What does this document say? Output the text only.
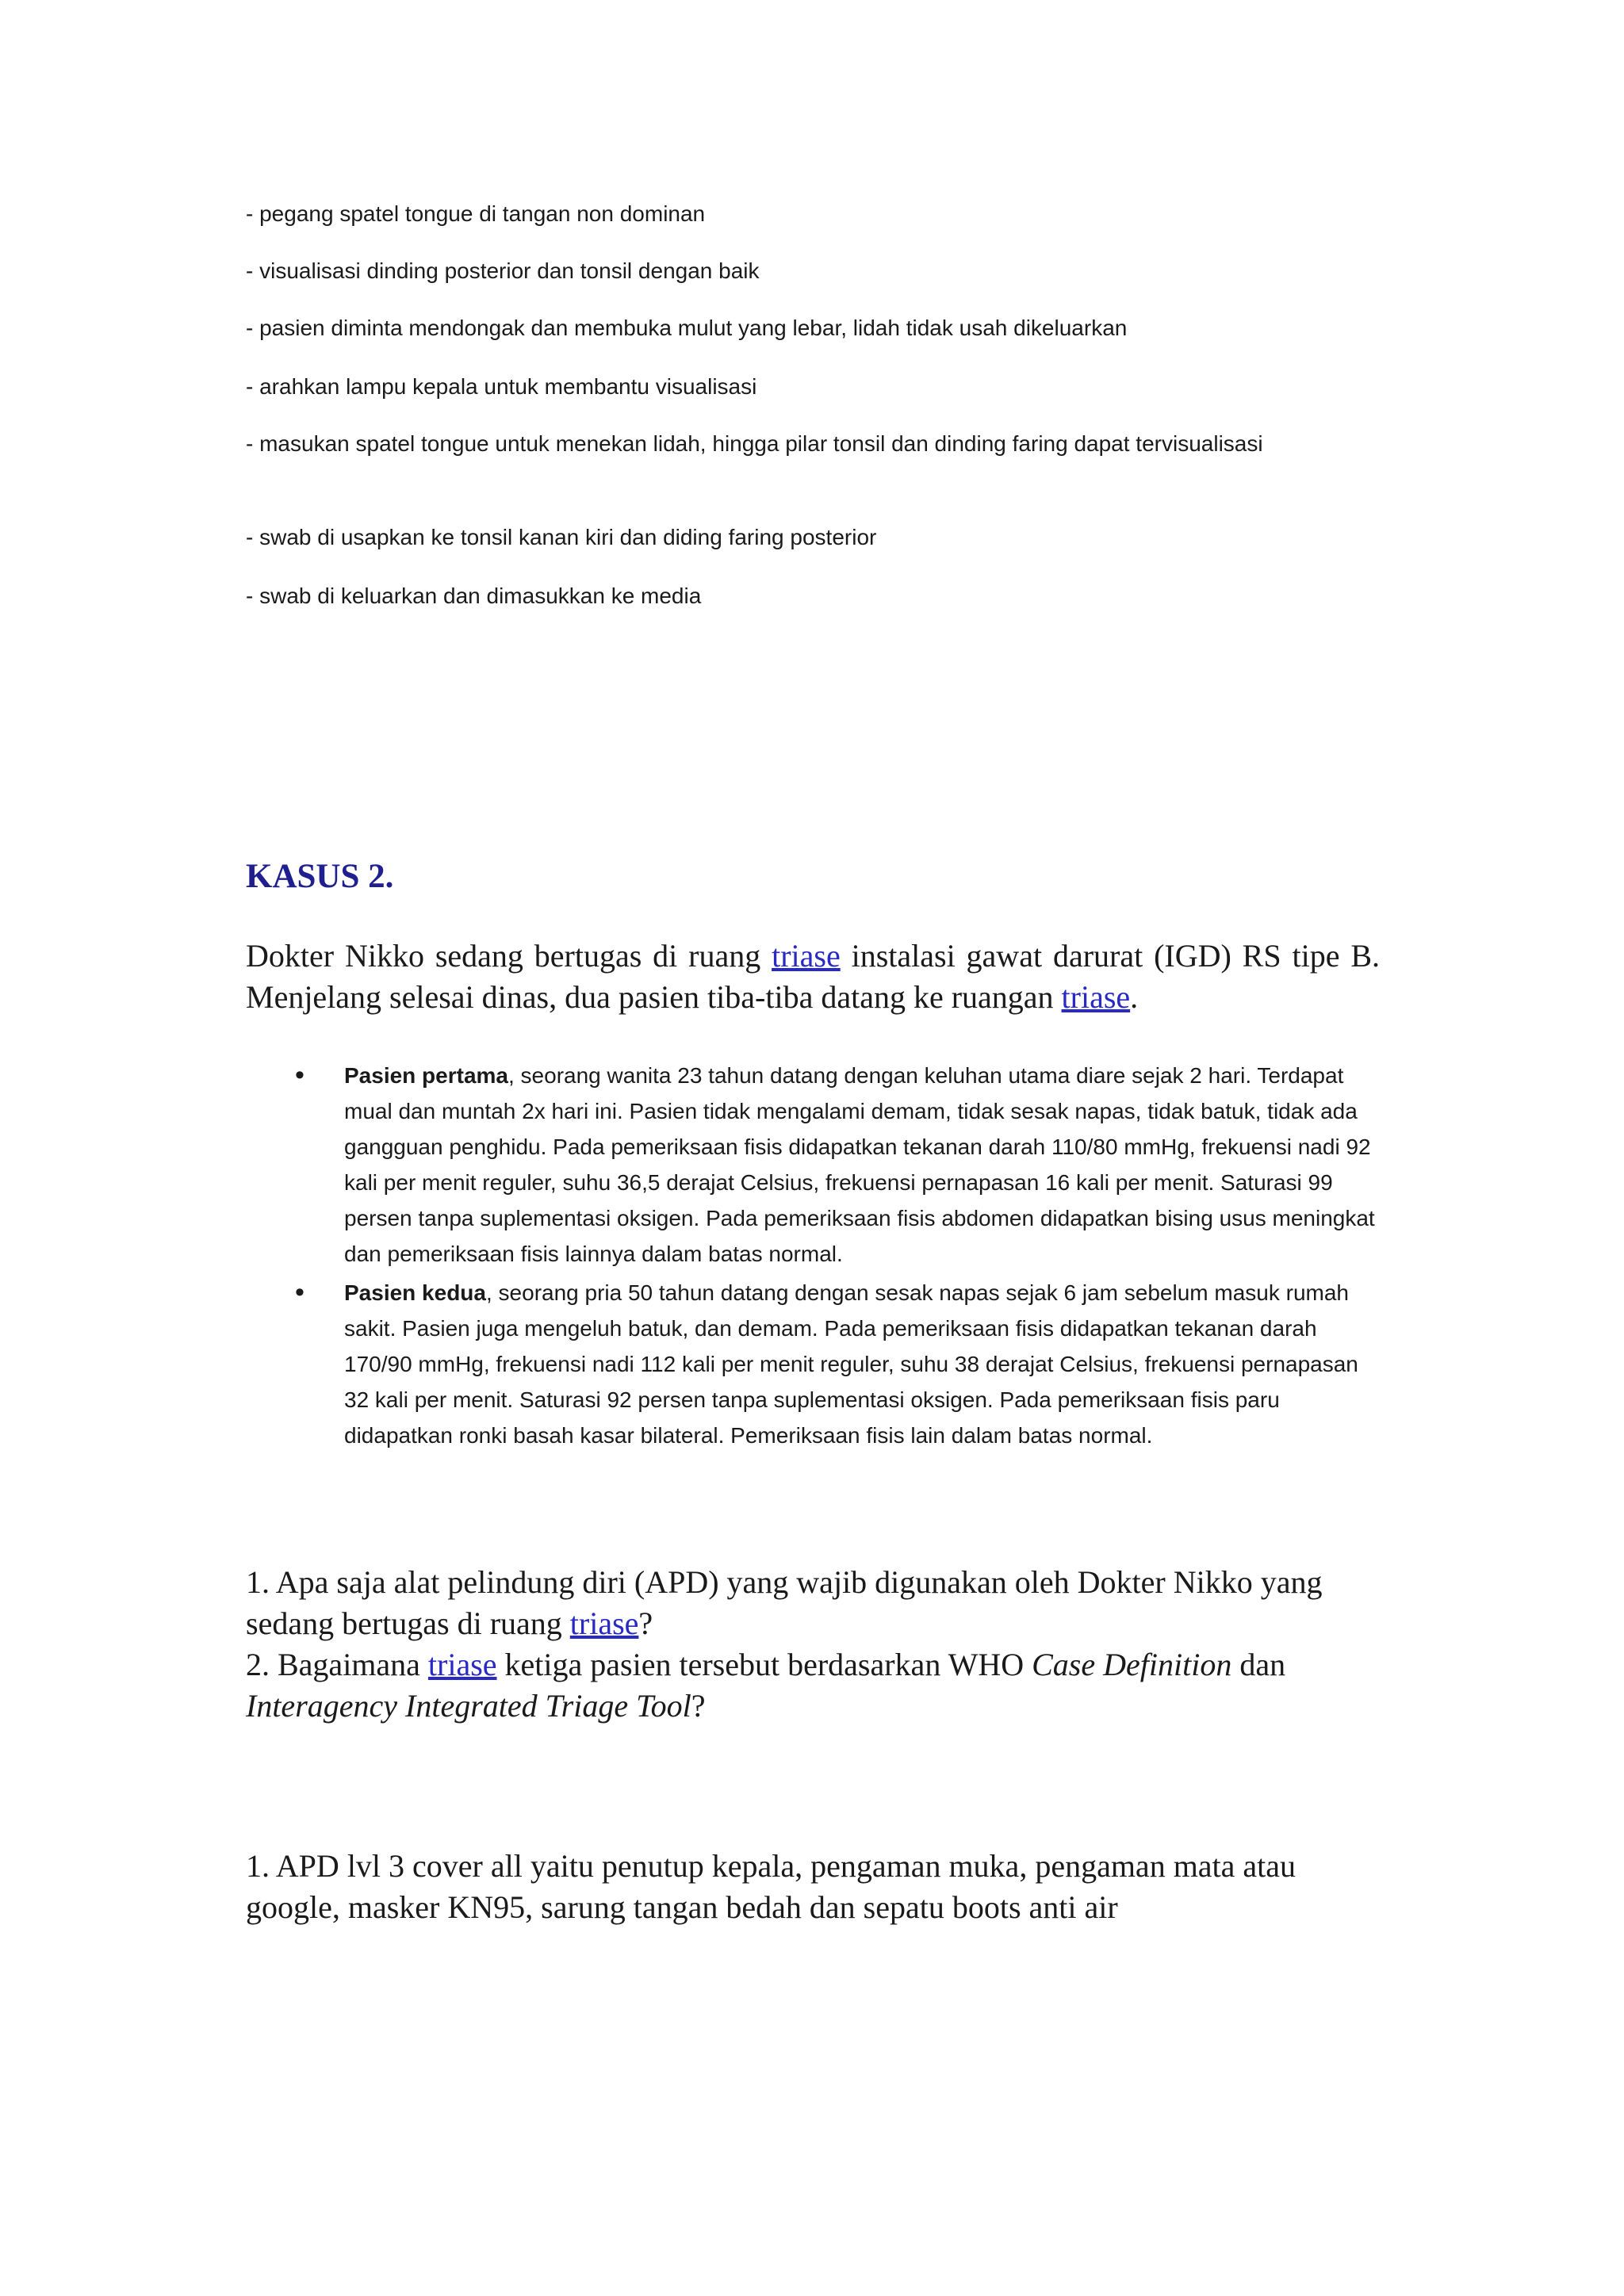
- pegang spatel tongue di tangan non dominan

- visualisasi dinding posterior dan tonsil dengan baik

- pasien diminta mendongak dan membuka mulut yang lebar, lidah tidak usah dikeluarkan

- arahkan lampu kepala untuk membantu visualisasi

- masukan spatel tongue untuk menekan lidah, hingga pilar tonsil dan dinding faring dapat tervisualisasi

- swab di usapkan ke tonsil kanan kiri dan diding faring posterior

- swab di keluarkan dan dimasukkan ke media

KASUS 2.

Dokter Nikko sedang bertugas di ruang triase instalasi gawat darurat (IGD) RS tipe B. Menjelang selesai dinas, dua pasien tiba-tiba datang ke ruangan triase.

• Pasien pertama, seorang wanita 23 tahun datang dengan keluhan utama diare sejak 2 hari. Terdapat mual dan muntah 2x hari ini. Pasien tidak mengalami demam, tidak sesak napas, tidak batuk, tidak ada gangguan penghidu. Pada pemeriksaan fisis didapatkan tekanan darah 110/80 mmHg, frekuensi nadi 92 kali per menit reguler, suhu 36,5 derajat Celsius, frekuensi pernapasan 16 kali per menit. Saturasi 99 persen tanpa suplementasi oksigen. Pada pemeriksaan fisis abdomen didapatkan bising usus meningkat dan pemeriksaan fisis lainnya dalam batas normal.
• Pasien kedua, seorang pria 50 tahun datang dengan sesak napas sejak 6 jam sebelum masuk rumah sakit. Pasien juga mengeluh batuk, dan demam. Pada pemeriksaan fisis didapatkan tekanan darah 170/90 mmHg, frekuensi nadi 112 kali per menit reguler, suhu 38 derajat Celsius, frekuensi pernapasan 32 kali per menit. Saturasi 92 persen tanpa suplementasi oksigen. Pada pemeriksaan fisis paru didapatkan ronki basah kasar bilateral. Pemeriksaan fisis lain dalam batas normal.
1. Apa saja alat pelindung diri (APD) yang wajib digunakan oleh Dokter Nikko yang sedang bertugas di ruang triase?
2. Bagaimana triase ketiga pasien tersebut berdasarkan WHO Case Definition dan Interagency Integrated Triage Tool?

1. APD lvl 3 cover all yaitu penutup kepala, pengaman muka, pengaman mata atau google, masker KN95, sarung tangan bedah dan sepatu boots anti air
